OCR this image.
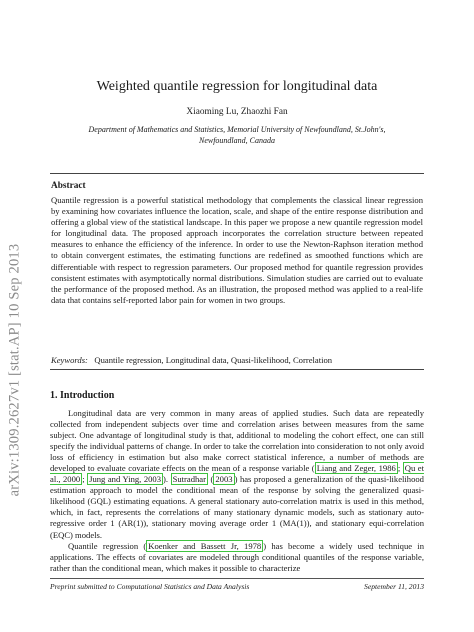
arXiv:1309.2627v1 [stat.AP] 10 Sep 2013
Weighted quantile regression for longitudinal data
Xiaoming Lu, Zhaozhi Fan
Department of Mathematics and Statistics, Memorial University of Newfoundland, St.John's, Newfoundland, Canada
Abstract
Quantile regression is a powerful statistical methodology that complements the classical linear regression by examining how covariates influence the location, scale, and shape of the entire response distribution and offering a global view of the statistical landscape. In this paper we propose a new quantile regression model for longitudinal data. The proposed approach incorporates the correlation structure between repeated measures to enhance the efficiency of the inference. In order to use the Newton-Raphson iteration method to obtain convergent estimates, the estimating functions are redefined as smoothed functions which are differentiable with respect to regression parameters. Our proposed method for quantile regression provides consistent estimates with asymptotically normal distributions. Simulation studies are carried out to evaluate the performance of the proposed method. As an illustration, the proposed method was applied to a real-life data that contains self-reported labor pain for women in two groups.
Keywords: Quantile regression, Longitudinal data, Quasi-likelihood, Correlation
1. Introduction

Longitudinal data are very common in many areas of applied studies. Such data are repeatedly collected from independent subjects over time and correlation arises between measures from the same subject. One advantage of longitudinal study is that, additional to modeling the cohort effect, one can still specify the individual patterns of change. In order to take the correlation into consideration to not only avoid loss of efficiency in estimation but also make correct statistical inference, a number of methods are developed to evaluate covariate effects on the mean of a response variable ( Liang and Zeger, 1986 ; Qu et al., 2000 ; Jung and Ying, 2003 ). Sutradhar ( 2003 ) has proposed a generalization of the quasi-likelihood estimation approach to model the conditional mean of the response by solving the generalized quasi-likelihood (GQL) estimating equations. A general stationary auto-correlation matrix is used in this method, which, in fact, represents the correlations of many stationary dynamic models, such as stationary auto-regressive order 1 (AR(1)), stationary moving average order 1 (MA(1)), and stationary equi-correlation (EQC) models.

Quantile regression ( Koenker and Bassett Jr, 1978 ) has become a widely used technique in applications. The effects of covariates are modeled through conditional quantiles of the response variable, rather than the conditional mean, which makes it possible to characterize

Preprint submitted to Computational Statistics and Data Analysis	September 11, 2013
